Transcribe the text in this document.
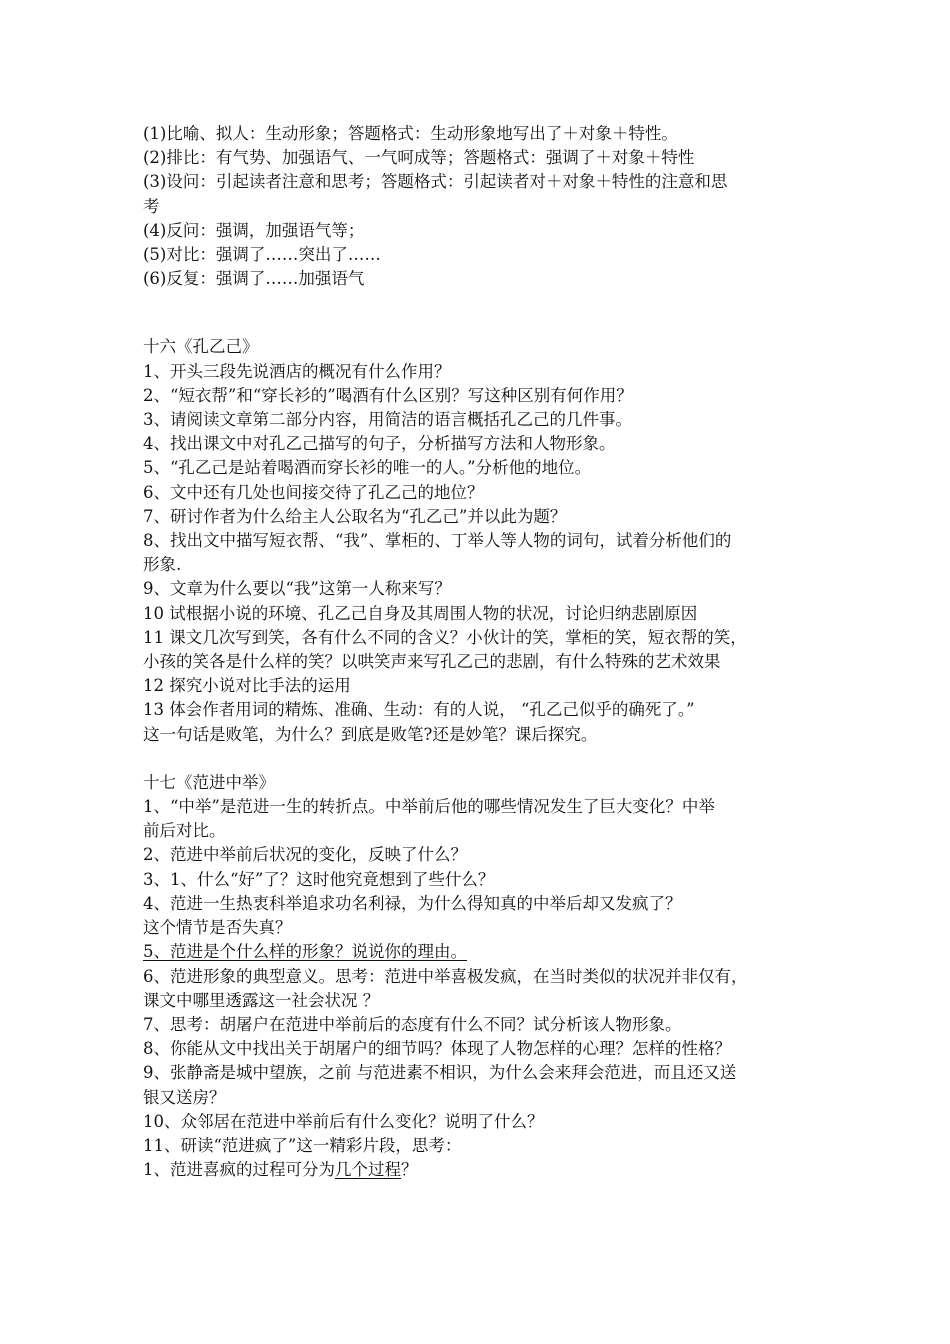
(1)比喻、拟人：生动形象；答题格式：生动形象地写出了＋对象＋特性。
(2)排比：有气势、加强语气、一气呵成等；答题格式：强调了＋对象＋特性
(3)设问：引起读者注意和思考；答题格式：引起读者对＋对象＋特性的注意和思
考
(4)反问：强调，加强语气等；
(5)对比：强调了……突出了……
(6)反复：强调了……加强语气
十六《孔乙己》
1、开头三段先说酒店的概况有什么作用？
2、“短衣帮”和“穿长衫的”喝酒有什么区别？写这种区别有何作用？
3、请阅读文章第二部分内容，用简洁的语言概括孔乙己的几件事。
4、找出课文中对孔乙己描写的句子，分析描写方法和人物形象。
5、“孔乙己是站着喝酒而穿长衫的唯一的人。”分析他的地位。
6、文中还有几处也间接交待了孔乙己的地位？
7、研讨作者为什么给主人公取名为“孔乙己”并以此为题？
8、找出文中描写短衣帮、“我”、掌柜的、丁举人等人物的词句，试着分析他们的
形象.
9、文章为什么要以“我”这第一人称来写？
10 试根据小说的环境、孔乙己自身及其周围人物的状况，讨论归纳悲剧原因
11 课文几次写到笑，各有什么不同的含义？小伙计的笑，掌柜的笑，短衣帮的笑，
小孩的笑各是什么样的笑？以哄笑声来写孔乙己的悲剧，有什么特殊的艺术效果
12 探究小说对比手法的运用
13 体会作者用词的精炼、准确、生动：有的人说， “孔乙己似乎的确死了。”
这一句话是败笔，为什么？到底是败笔?还是妙笔？课后探究。
十七《范进中举》
1、“中举”是范进一生的转折点。中举前后他的哪些情况发生了巨大变化？中举
前后对比。
2、范进中举前后状况的变化，反映了什么？
3、1、什么“好”了？这时他究竟想到了些什么？
4、范进一生热衷科举追求功名利禄，为什么得知真的中举后却又发疯了？
这个情节是否失真？
5、范进是个什么样的形象？说说你的理由。
6、范进形象的典型意义。思考：范进中举喜极发疯，在当时类似的状况并非仅有，
课文中哪里透露这一社会状况 ？
7、思考：胡屠户在范进中举前后的态度有什么不同？试分析该人物形象。
8、你能从文中找出关于胡屠户的细节吗？体现了人物怎样的心理？怎样的性格？
9、张静斋是城中望族，之前 与范进素不相识，为什么会来拜会范进，而且还又送
银又送房？
10、众邻居在范进中举前后有什么变化？说明了什么？
11、研读“范进疯了”这一精彩片段，思考：
1、范进喜疯的过程可分为几个过程？
